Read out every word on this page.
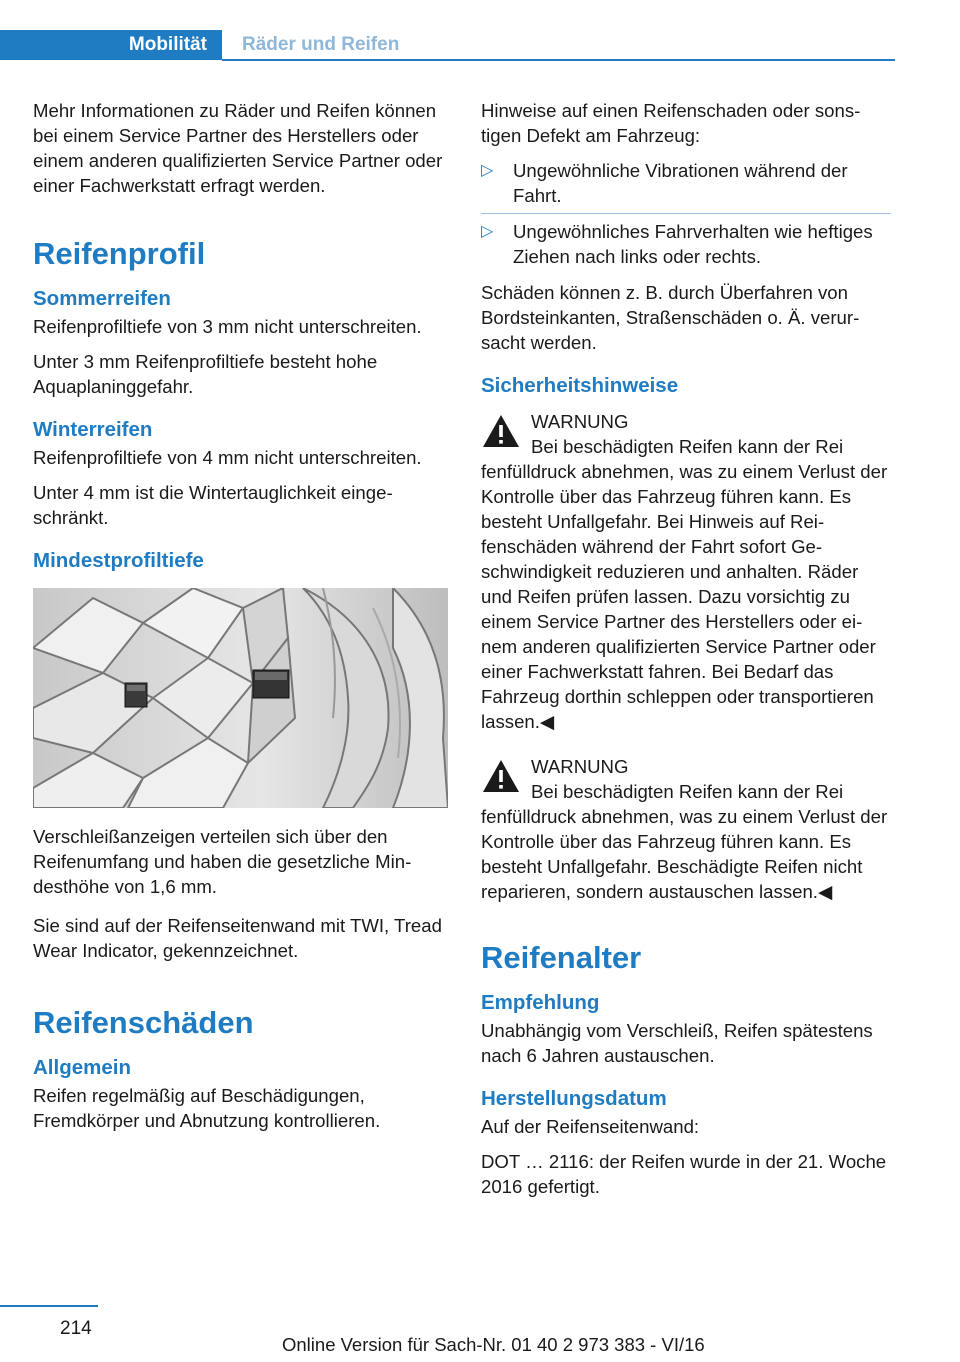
Mobilität	Räder und Reifen

Mehr Informationen zu Räder und Reifen können bei einem Service Partner des Herstellers oder einem anderen qualifizierten Service Partner oder einer Fachwerkstatt erfragt werden.

Reifenprofil
Sommerreifen

Reifenprofiltiefe von 3 mm nicht unterschreiten.

Unter 3 mm Reifenprofiltiefe besteht hohe Aquaplaninggefahr.

Winterreifen

Reifenprofiltiefe von 4 mm nicht unterschreiten.

Unter 4 mm ist die Wintertauglichkeit eingeschränkt.

Mindestprofiltiefe

Verschleißanzeigen verteilen sich über den Reifenumfang und haben die gesetzliche Mindesthöhe von 1,6 mm.

Sie sind auf der Reifenseitenwand mit TWI, Tread Wear Indicator, gekennzeichnet.

Reifenschäden
Allgemein

Reifen regelmäßig auf Beschädigungen, Fremdkörper und Abnutzung kontrollieren.

Hinweise auf einen Reifenschaden oder sonstigen Defekt am Fahrzeug:

▷ Ungewöhnliche Vibrationen während der Fahrt.
▷ Ungewöhnliches Fahrverhalten wie heftiges Ziehen nach links oder rechts.

Schäden können z. B. durch Überfahren von Bordsteinkanten, Straßenschäden o. Ä. verursacht werden.

Sicherheitshinweise
WARNUNG
Bei beschädigten Reifen kann der Rei
fenfülldruck abnehmen, was zu einem Verlust der Kontrolle über das Fahrzeug führen kann. Es besteht Unfallgefahr. Bei Hinweis auf Reifenschäden während der Fahrt sofort Geschwindigkeit reduzieren und anhalten. Räder und Reifen prüfen lassen. Dazu vorsichtig zu einem Service Partner des Herstellers oder einem anderen qualifizierten Service Partner oder einer Fachwerkstatt fahren. Bei Bedarf das Fahrzeug dorthin schleppen oder transportieren lassen.◀
WARNUNG
Bei beschädigten Reifen kann der Rei
fenfülldruck abnehmen, was zu einem Verlust der Kontrolle über das Fahrzeug führen kann. Es besteht Unfallgefahr. Beschädigte Reifen nicht reparieren, sondern austauschen lassen.◀
Reifenalter
Empfehlung

Unabhängig vom Verschleiß, Reifen spätestens nach 6 Jahren austauschen.

Herstellungsdatum

Auf der Reifenseitenwand:

DOT … 2116: der Reifen wurde in der 21. Woche 2016 gefertigt.

214
Online Version für Sach-Nr. 01 40 2 973 383 - VI/16
